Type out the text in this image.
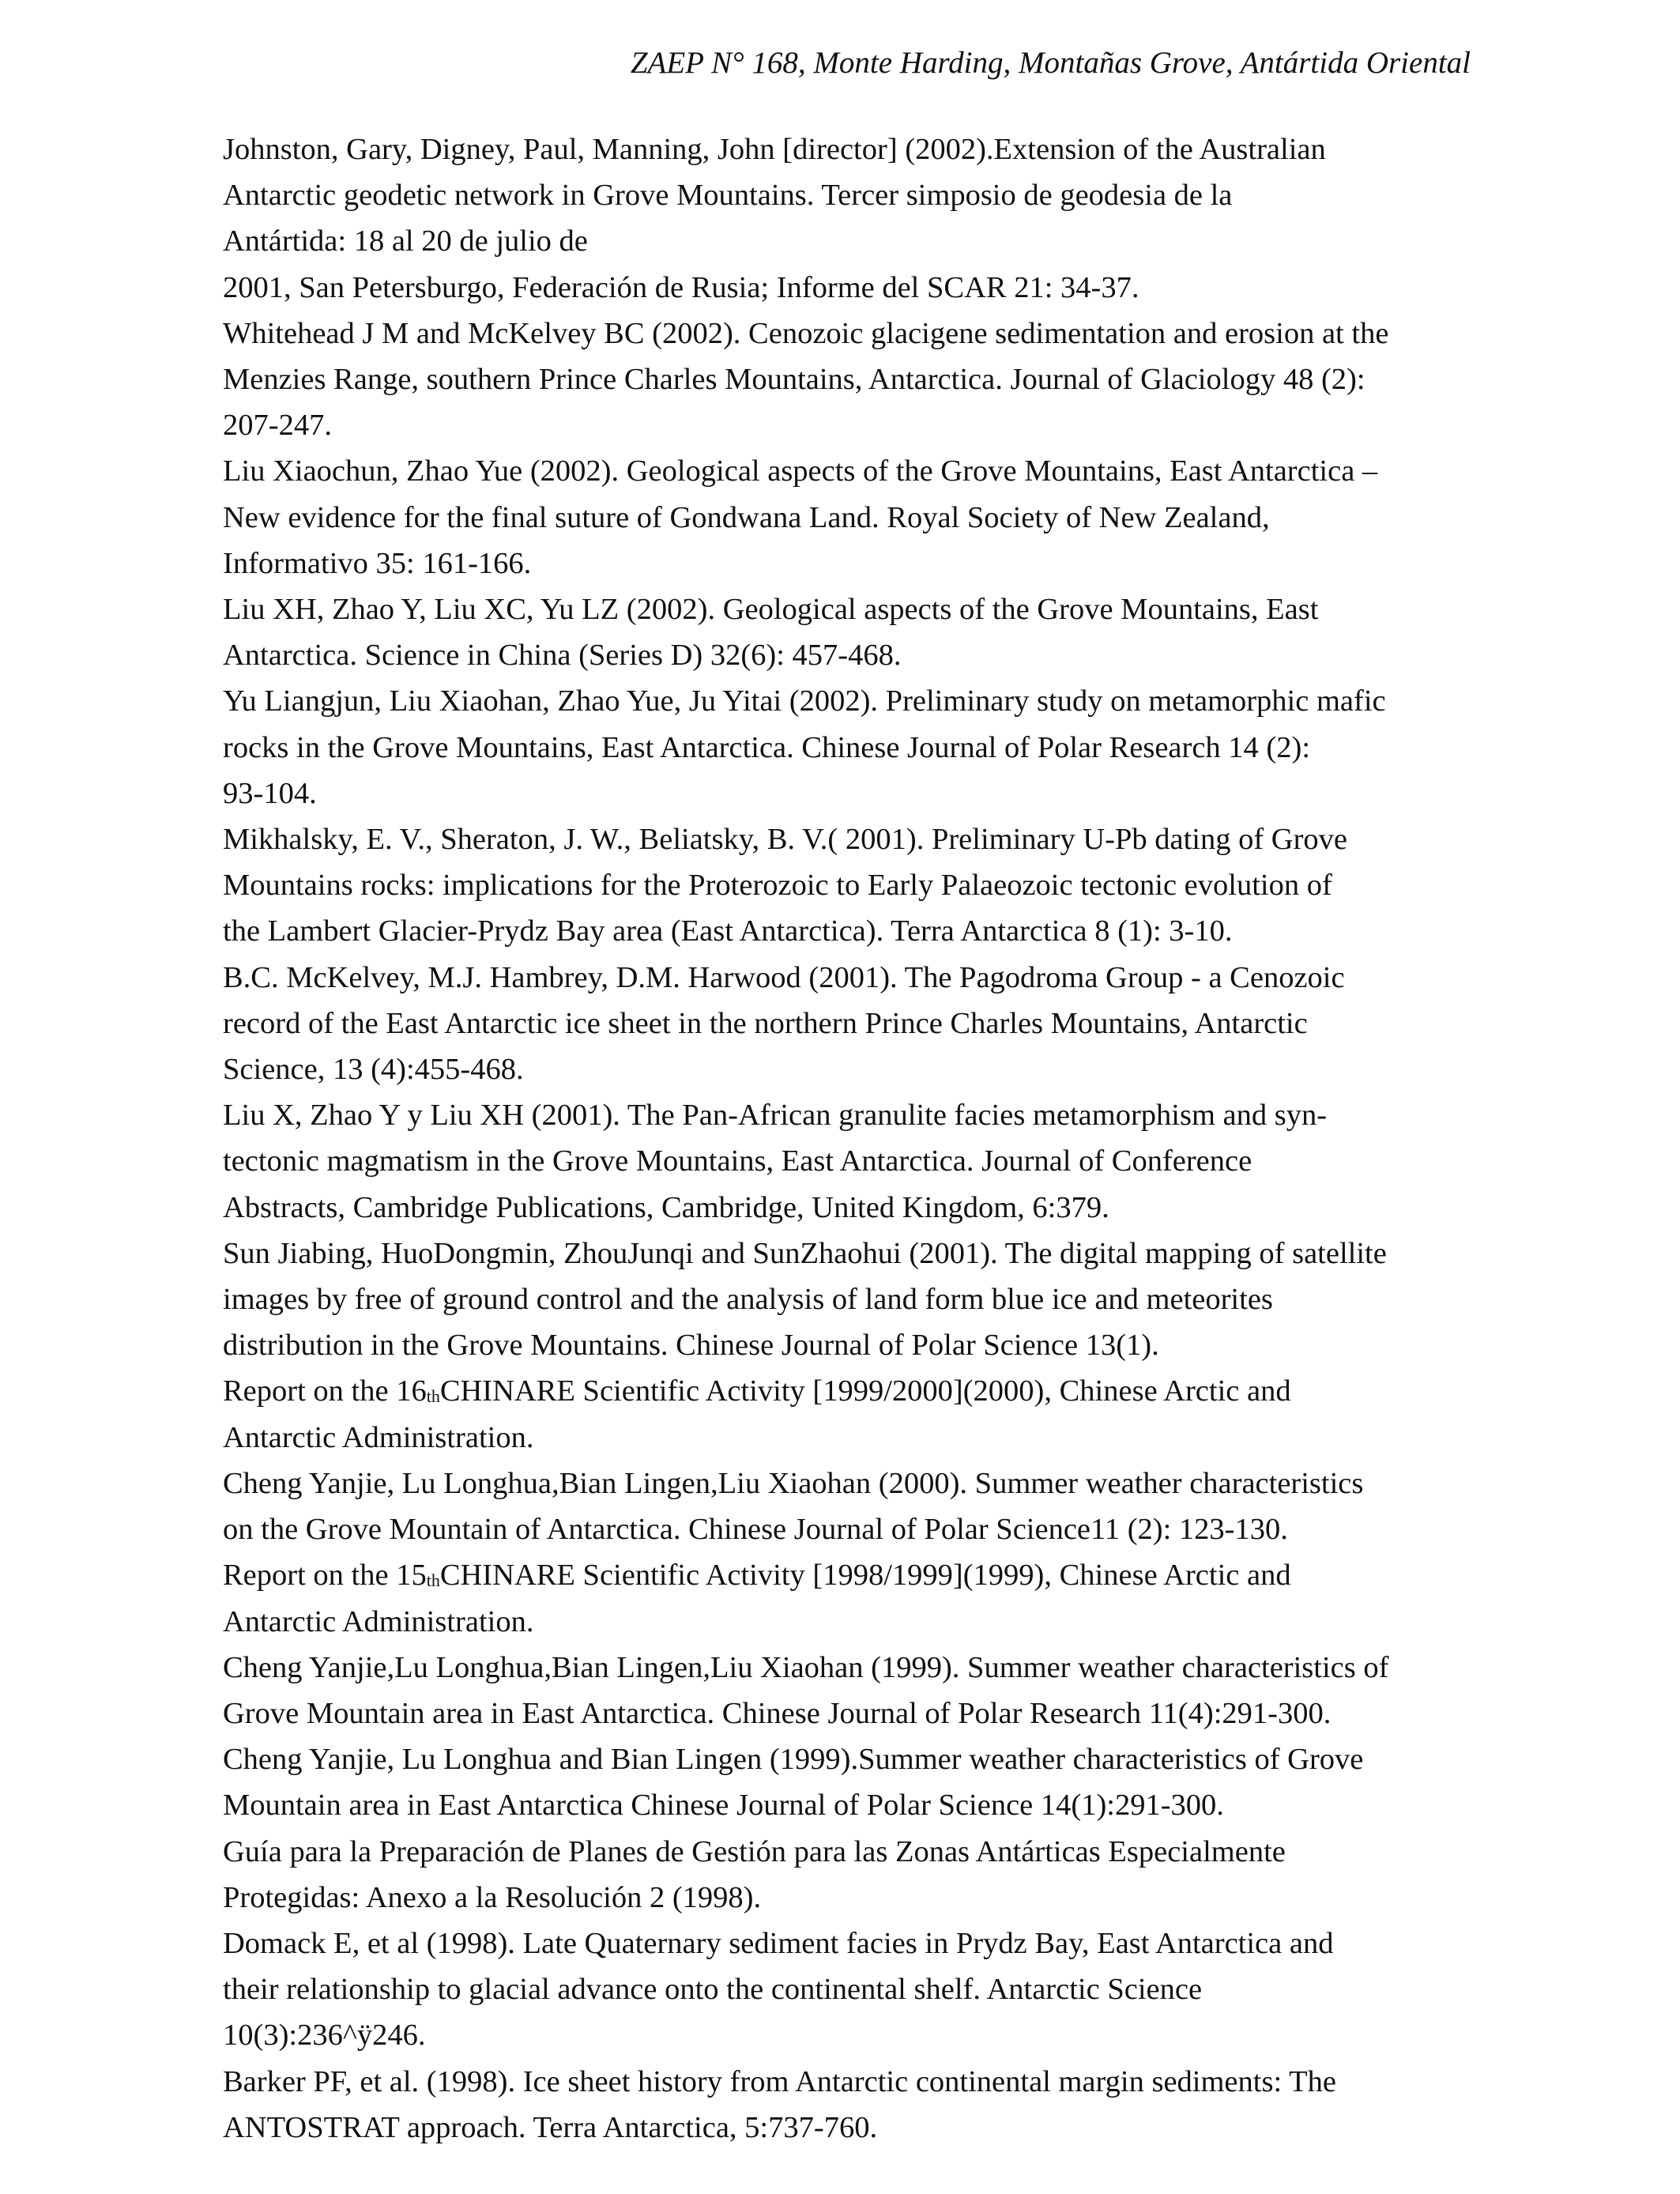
ZAEP N° 168, Monte Harding, Montañas Grove, Antártida Oriental
Johnston, Gary, Digney, Paul, Manning, John [director] (2002).Extension of the Australian
Antarctic geodetic network in Grove Mountains. Tercer simposio de geodesia de la
Antártida: 18 al 20 de julio de
2001, San Petersburgo, Federación de Rusia; Informe del SCAR 21: 34-37.
Whitehead J M and McKelvey BC (2002). Cenozoic glacigene sedimentation and erosion at the
Menzies Range, southern Prince Charles Mountains, Antarctica. Journal of Glaciology 48 (2):
207-247.
Liu Xiaochun, Zhao Yue (2002). Geological aspects of the Grove Mountains, East Antarctica –
New evidence for the final suture of Gondwana Land. Royal Society of New Zealand,
Informativo 35: 161-166.
Liu XH, Zhao Y, Liu XC, Yu LZ (2002). Geological aspects of the Grove Mountains, East
Antarctica. Science in China (Series D) 32(6): 457-468.
Yu Liangjun, Liu Xiaohan, Zhao Yue, Ju Yitai (2002). Preliminary study on metamorphic mafic
rocks in the Grove Mountains, East Antarctica. Chinese Journal of Polar Research 14 (2):
93-104.
Mikhalsky, E. V., Sheraton, J. W., Beliatsky, B. V.( 2001). Preliminary U-Pb dating of Grove
Mountains rocks: implications for the Proterozoic to Early Palaeozoic tectonic evolution of
the Lambert Glacier-Prydz Bay area (East Antarctica). Terra Antarctica 8 (1): 3-10.
B.C. McKelvey, M.J. Hambrey, D.M. Harwood (2001). The Pagodroma Group - a Cenozoic
record of the East Antarctic ice sheet in the northern Prince Charles Mountains, Antarctic
Science, 13 (4):455-468.
Liu X, Zhao Y y Liu XH (2001). The Pan-African granulite facies metamorphism and syn-
tectonic magmatism in the Grove Mountains, East Antarctica. Journal of Conference
Abstracts, Cambridge Publications, Cambridge, United Kingdom, 6:379.
Sun Jiabing, HuoDongmin, ZhouJunqi and SunZhaohui (2001). The digital mapping of satellite
images by free of ground control and the analysis of land form blue ice and meteorites
distribution in the Grove Mountains. Chinese Journal of Polar Science 13(1).
Report on the $16_{th}CHINARE$ Scientific Activity [1999/2000](2000), Chinese Arctic and
Antarctic Administration.
Cheng Yanjie, Lu Longhua,Bian Lingen,Liu Xiaohan (2000). Summer weather characteristics
on the Grove Mountain of Antarctica. Chinese Journal of Polar Science11 (2): 123-130.
Report on the $15_{th}CHINARE$ Scientific Activity [1998/1999](1999), Chinese Arctic and
Antarctic Administration.
Cheng Yanjie,Lu Longhua,Bian Lingen,Liu Xiaohan (1999). Summer weather characteristics of
Grove Mountain area in East Antarctica. Chinese Journal of Polar Research 11(4):291-300.
Cheng Yanjie, Lu Longhua and Bian Lingen (1999).Summer weather characteristics of Grove
Mountain area in East Antarctica Chinese Journal of Polar Science 14(1):291-300.
Guía para la Preparación de Planes de Gestión para las Zonas Antárticas Especialmente
Protegidas: Anexo a la Resolución 2 (1998).
Domack E, et al (1998). Late Quaternary sediment facies in Prydz Bay, East Antarctica and
their relationship to glacial advance onto the continental shelf. Antarctic Science
10(3):236^ÿ246.
Barker PF, et al. (1998). Ice sheet history from Antarctic continental margin sediments: The
ANTOSTRAT approach. Terra Antarctica, 5:737-760.
